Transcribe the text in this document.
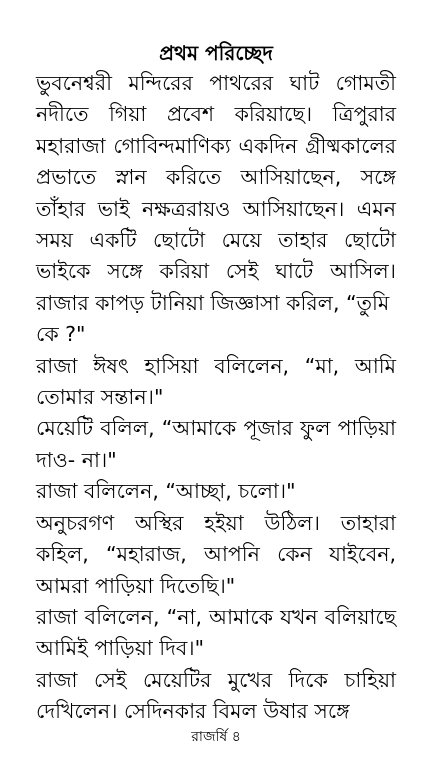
প্রথম পরিচ্ছেদ

ভুবনেশ্বরী মন্দিরের পাথরের ঘাট গোমতী নদীতে গিয়া প্রবেশ করিয়াছে। ত্রিপুরার মহারাজা গোবিন্দমাণিক্য একদিন গ্রীষ্মকালের প্রভাতে স্নান করিতে আসিয়াছেন, সঙ্গে তাঁহার ভাই নক্ষত্ররায়ও আসিয়াছেন। এমন সময় একটি ছোটো মেয়ে তাহার ছোটো ভাইকে সঙ্গে করিয়া সেই ঘাটে আসিল। রাজার কাপড় টানিয়া জিজ্ঞাসা করিল, “তুমি

কে ?"

রাজা ঈষৎ হাসিয়া বলিলেন, “মা, আমি তোমার সন্তান।"

মেয়েটি বলিল, “আমাকে পূজার ফুল পাড়িয়া দাও- না।"

রাজা বলিলেন, “আচ্ছা, চলো।"

অনুচরগণ অস্থির হইয়া উঠিল। তাহারা কহিল, “মহারাজ, আপনি কেন যাইবেন, আমরা পাড়িয়া দিতেছি।"

রাজা বলিলেন, “না, আমাকে যখন বলিয়াছে আমিই পাড়িয়া দিব।"

রাজা সেই মেয়েটির মুখের দিকে চাহিয়া দেখিলেন। সেদিনকার বিমল উষার সঙ্গে

রাজর্ষি ৪
